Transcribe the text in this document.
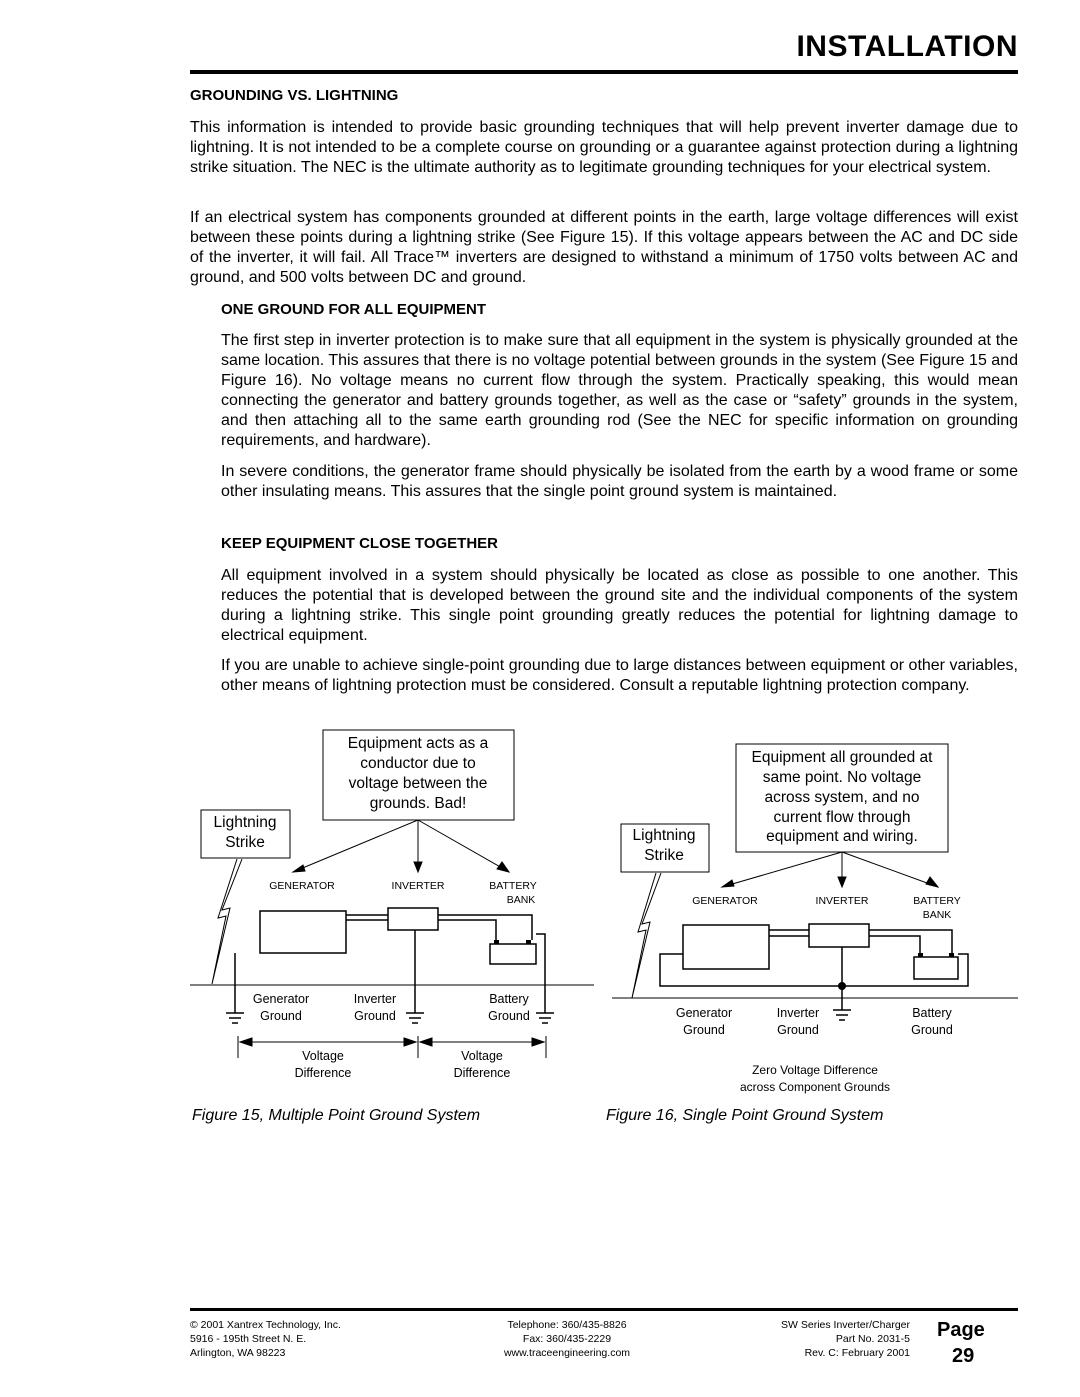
INSTALLATION
GROUNDING VS. LIGHTNING

This information is intended to provide basic grounding techniques that will help prevent inverter damage due to lightning. It is not intended to be a complete course on grounding or a guarantee against protection during a lightning strike situation. The NEC is the ultimate authority as to legitimate grounding techniques for your electrical system.

If an electrical system has components grounded at different points in the earth, large voltage differences will exist between these points during a lightning strike (See Figure 15). If this voltage appears between the AC and DC side of the inverter, it will fail. All Trace™ inverters are designed to withstand a minimum of 1750 volts between AC and ground, and 500 volts between DC and ground.

ONE GROUND FOR ALL EQUIPMENT

The first step in inverter protection is to make sure that all equipment in the system is physically grounded at the same location. This assures that there is no voltage potential between grounds in the system (See Figure 15 and Figure 16). No voltage means no current flow through the system. Practically speaking, this would mean connecting the generator and battery grounds together, as well as the case or “safety” grounds in the system, and then attaching all to the same earth grounding rod (See the NEC for specific information on grounding requirements, and hardware).

In severe conditions, the generator frame should physically be isolated from the earth by a wood frame or some other insulating means. This assures that the single point ground system is maintained.

KEEP EQUIPMENT CLOSE TOGETHER

All equipment involved in a system should physically be located as close as possible to one another. This reduces the potential that is developed between the ground site and the individual components of the system during a lightning strike. This single point grounding greatly reduces the potential for lightning damage to electrical equipment.

If you are unable to achieve single-point grounding due to large distances between equipment or other variables, other means of lightning protection must be considered. Consult a reputable lightning protection company.

Equipment acts as a
conductor due to
voltage between the
grounds. Bad!
Lightning
Strike
GENERATOR	INVERTER	BATTERY
BANK
Generator
Ground
Inverter
Ground
Battery
Ground
Voltage
Difference
Voltage
Difference
Figure 15, Multiple Point Ground System
Equipment all grounded at
same point. No voltage
across system, and no
current flow through
equipment and wiring.
Lightning
Strike
GENERATOR	INVERTER	BATTERY
BANK
Generator
Ground
Inverter
Ground
Battery
Ground
Zero Voltage Difference
across Component Grounds
Figure 16, Single Point Ground System
© 2001 Xantrex Technology, Inc.
5916 - 195th Street N. E.
Arlington, WA 98223
Telephone: 360/435-8826
Fax: 360/435-2229
www.traceengineering.com
SW Series Inverter/Charger
Part No. 2031-5
Rev. C: February 2001
Page
29
